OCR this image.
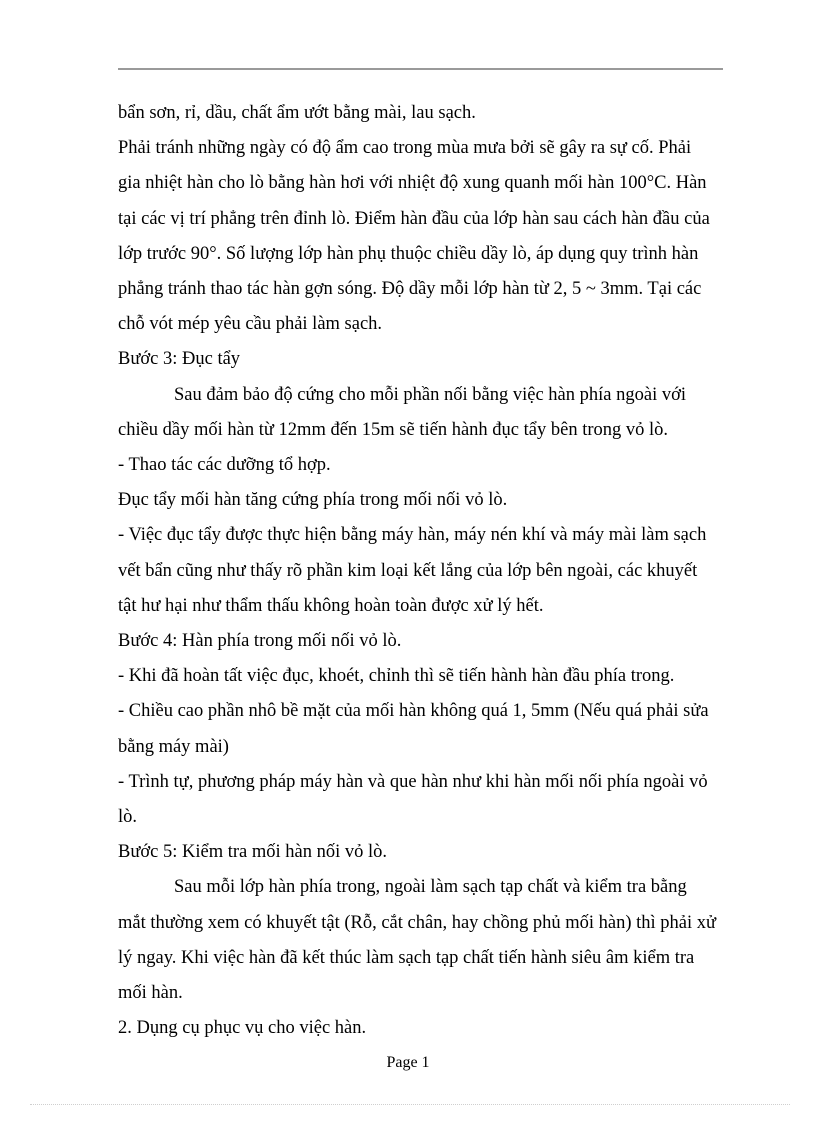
bẩn sơn, rỉ, dầu, chất ẩm ướt bằng mài, lau sạch.

Phải tránh những ngày có độ ẩm cao trong mùa mưa bởi sẽ gây ra sự cố. Phải gia nhiệt hàn cho lò bằng hàn hơi với nhiệt độ xung quanh mối hàn 100°C. Hàn tại các vị trí phẳng trên đỉnh lò. Điểm hàn đầu của lớp hàn sau cách hàn đầu của lớp trước 90°. Số lượng lớp hàn phụ thuộc chiều dầy lò, áp dụng quy trình hàn phẳng tránh thao tác hàn gợn sóng. Độ dầy mỗi lớp hàn từ 2, 5 ~ 3mm. Tại các chỗ vót mép yêu cầu phải làm sạch.

Bước 3: Đục tẩy

Sau đảm bảo độ cứng cho mỗi phần nối bằng việc hàn phía ngoài với chiều dầy mối hàn từ 12mm đến 15m sẽ tiến hành đục tẩy bên trong vỏ lò.

- Thao tác các dưỡng tổ hợp.

Đục tẩy mối hàn tăng cứng phía trong mối nối vỏ lò.

- Việc đục tẩy được thực hiện bằng máy hàn, máy nén khí và máy mài làm sạch vết bẩn cũng như thấy rõ phần kim loại kết lắng của lớp bên ngoài, các khuyết tật hư hại như thẩm thấu không hoàn toàn được xử lý hết.

Bước 4: Hàn phía trong mối nối vỏ lò.

- Khi đã hoàn tất việc đục, khoét, chỉnh thì sẽ tiến hành hàn đầu phía trong.

- Chiều cao phần nhô bề mặt của mối hàn không quá 1, 5mm (Nếu quá phải sửa bằng máy mài)

- Trình tự, phương pháp máy hàn và que hàn như khi hàn mối nối phía ngoài vỏ lò.

Bước 5: Kiểm tra mối hàn nối vỏ lò.

Sau mỗi lớp hàn phía trong, ngoài làm sạch tạp chất và kiểm tra bằng mắt thường xem có khuyết tật (Rỗ, cắt chân, hay chồng phủ mối hàn) thì phải xử lý ngay. Khi việc hàn đã kết thúc làm sạch tạp chất tiến hành siêu âm kiểm tra mối hàn.

2. Dụng cụ phục vụ cho việc hàn.

Page 1
